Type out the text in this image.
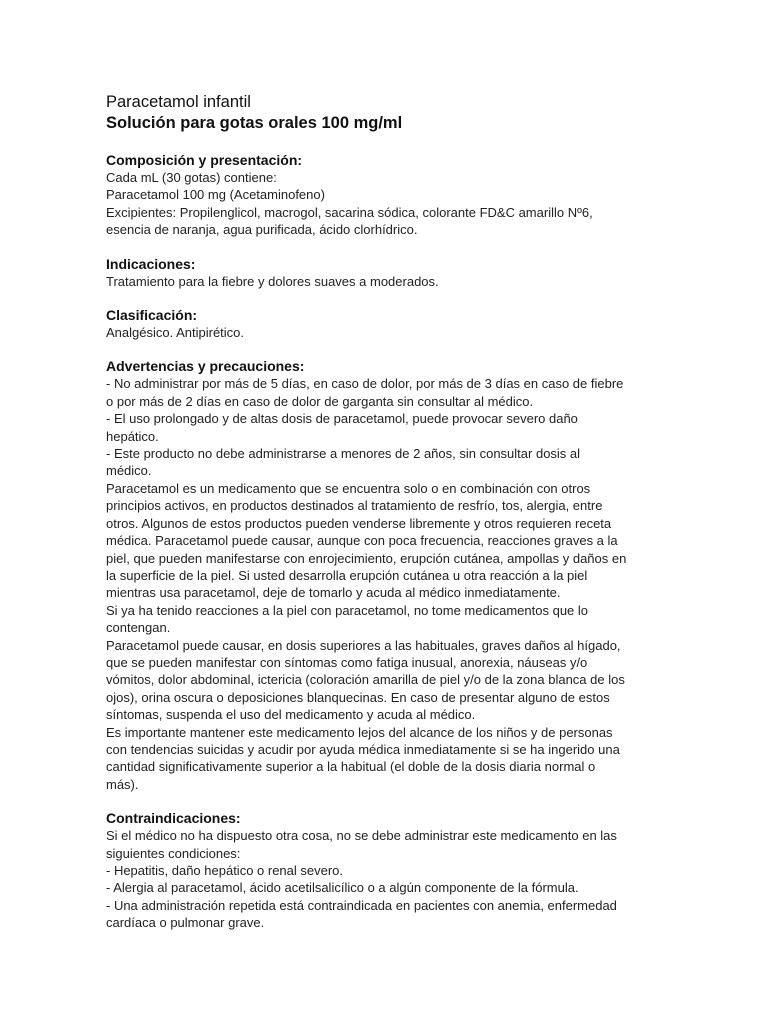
Paracetamol infantil

Solución para gotas orales 100 mg/ml

Composición y presentación:

Cada mL (30 gotas) contiene:

Paracetamol 100 mg (Acetaminofeno)

Excipientes: Propilenglicol, macrogol, sacarina sódica, colorante FD&C amarillo Nº6,

esencia de naranja, agua purificada, ácido clorhídrico.

Indicaciones:

Tratamiento para la fiebre y dolores suaves a moderados.

Clasificación:

Analgésico. Antipirético.

Advertencias y precauciones:

- No administrar por más de 5 días, en caso de dolor, por más de 3 días en caso de fiebre

o por más de 2 días en caso de dolor de garganta sin consultar al médico.

- El uso prolongado y de altas dosis de paracetamol, puede provocar severo daño

hepático.

- Este producto no debe administrarse a menores de 2 años, sin consultar dosis al

médico.

Paracetamol es un medicamento que se encuentra solo o en combinación con otros

principios activos, en productos destinados al tratamiento de resfrío, tos, alergia, entre

otros. Algunos de estos productos pueden venderse libremente y otros requieren receta

médica. Paracetamol puede causar, aunque con poca frecuencia, reacciones graves a la

piel, que pueden manifestarse con enrojecimiento, erupción cutánea, ampollas y daños en

la superficie de la piel. Si usted desarrolla erupción cutánea u otra reacción a la piel

mientras usa paracetamol, deje de tomarlo y acuda al médico inmediatamente.

Si ya ha tenido reacciones a la piel con paracetamol, no tome medicamentos que lo

contengan.

Paracetamol puede causar, en dosis superiores a las habituales, graves daños al hígado,

que se pueden manifestar con síntomas como fatiga inusual, anorexia, náuseas y/o

vómitos, dolor abdominal, ictericia (coloración amarilla de piel y/o de la zona blanca de los

ojos), orina oscura o deposiciones blanquecinas. En caso de presentar alguno de estos

síntomas, suspenda el uso del medicamento y acuda al médico.

Es importante mantener este medicamento lejos del alcance de los niños y de personas

con tendencias suicidas y acudir por ayuda médica inmediatamente si se ha ingerido una

cantidad significativamente superior a la habitual (el doble de la dosis diaria normal o

más).

Contraindicaciones:

Si el médico no ha dispuesto otra cosa, no se debe administrar este medicamento en las

siguientes condiciones:

- Hepatitis, daño hepático o renal severo.

- Alergia al paracetamol, ácido acetilsalicílico o a algún componente de la fórmula.

- Una administración repetida está contraindicada en pacientes con anemia, enfermedad

cardíaca o pulmonar grave.
